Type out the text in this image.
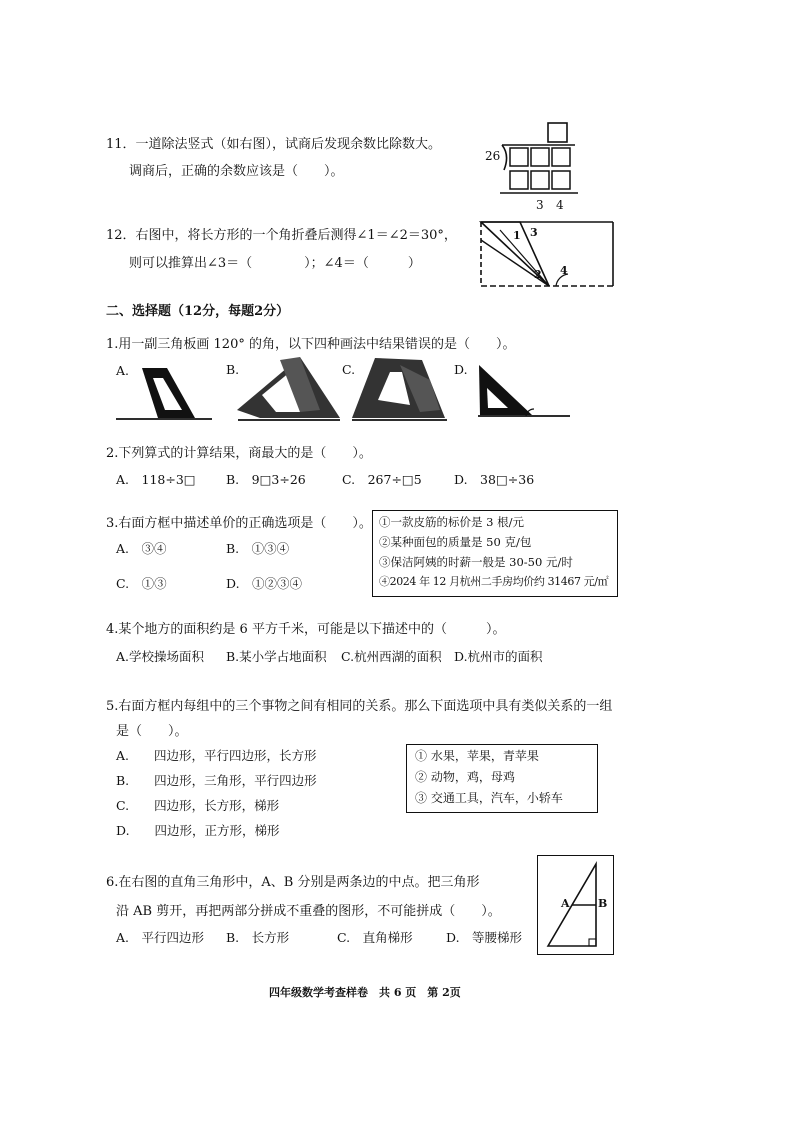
11．一道除法竖式（如右图），试商后发现余数比除数大。
调商后，正确的余数应该是（　　）。
26
3 4
12．右图中，将长方形的一个角折叠后测得∠1＝∠2＝30°，
则可以推算出∠3＝（　　　　）；∠4＝（　　　）
3
1
2 4
二、选择题（12分，每题2分）
1.用一副三角板画 120° 的角，以下四种画法中结果错误的是（　　）。
A.	B.	C.	D.
2.下列算式的计算结果，商最大的是（　　）。
A.　118÷3□ B.　9□3÷26	C.　267÷□5	D.　38□÷36
3.右面方框中描述单价的正确选项是（　　）。
A.　③④	B.　①③④
C.　①③	D.　①②③④
①一款皮筋的标价是 3 根/元
②某种面包的质量是 50 克/包
③保洁阿姨的时薪一般是 30-50 元/时
④2024 年 12 月杭州二手房均价约 31467 元/㎡
4.某个地方的面积约是 6 平方千米，可能是以下描述中的（　　　）。
A.学校操场面积 B.某小学占地面积 C.杭州西湖的面积 D.杭州市的面积
5.右面方框内每组中的三个事物之间有相同的关系。那么下面选项中具有类似关系的一组
是（　　）。
A.　　四边形，平行四边形，长方形
B.　　四边形，三角形，平行四边形
C.　　四边形，长方形，梯形
D.　　四边形，正方形，梯形
① 水果，苹果，青苹果
② 动物，鸡，母鸡
③ 交通工具，汽车，小轿车
6.在右图的直角三角形中，A、B 分别是两条边的中点。把三角形
沿 AB 剪开，再把两部分拼成不重叠的图形，不可能拼成（　　）。
A.　平行四边形 B.　长方形	C.　直角梯形	D.　等腰梯形
A	B
四年级数学考查样卷　共 6 页　第 2页
